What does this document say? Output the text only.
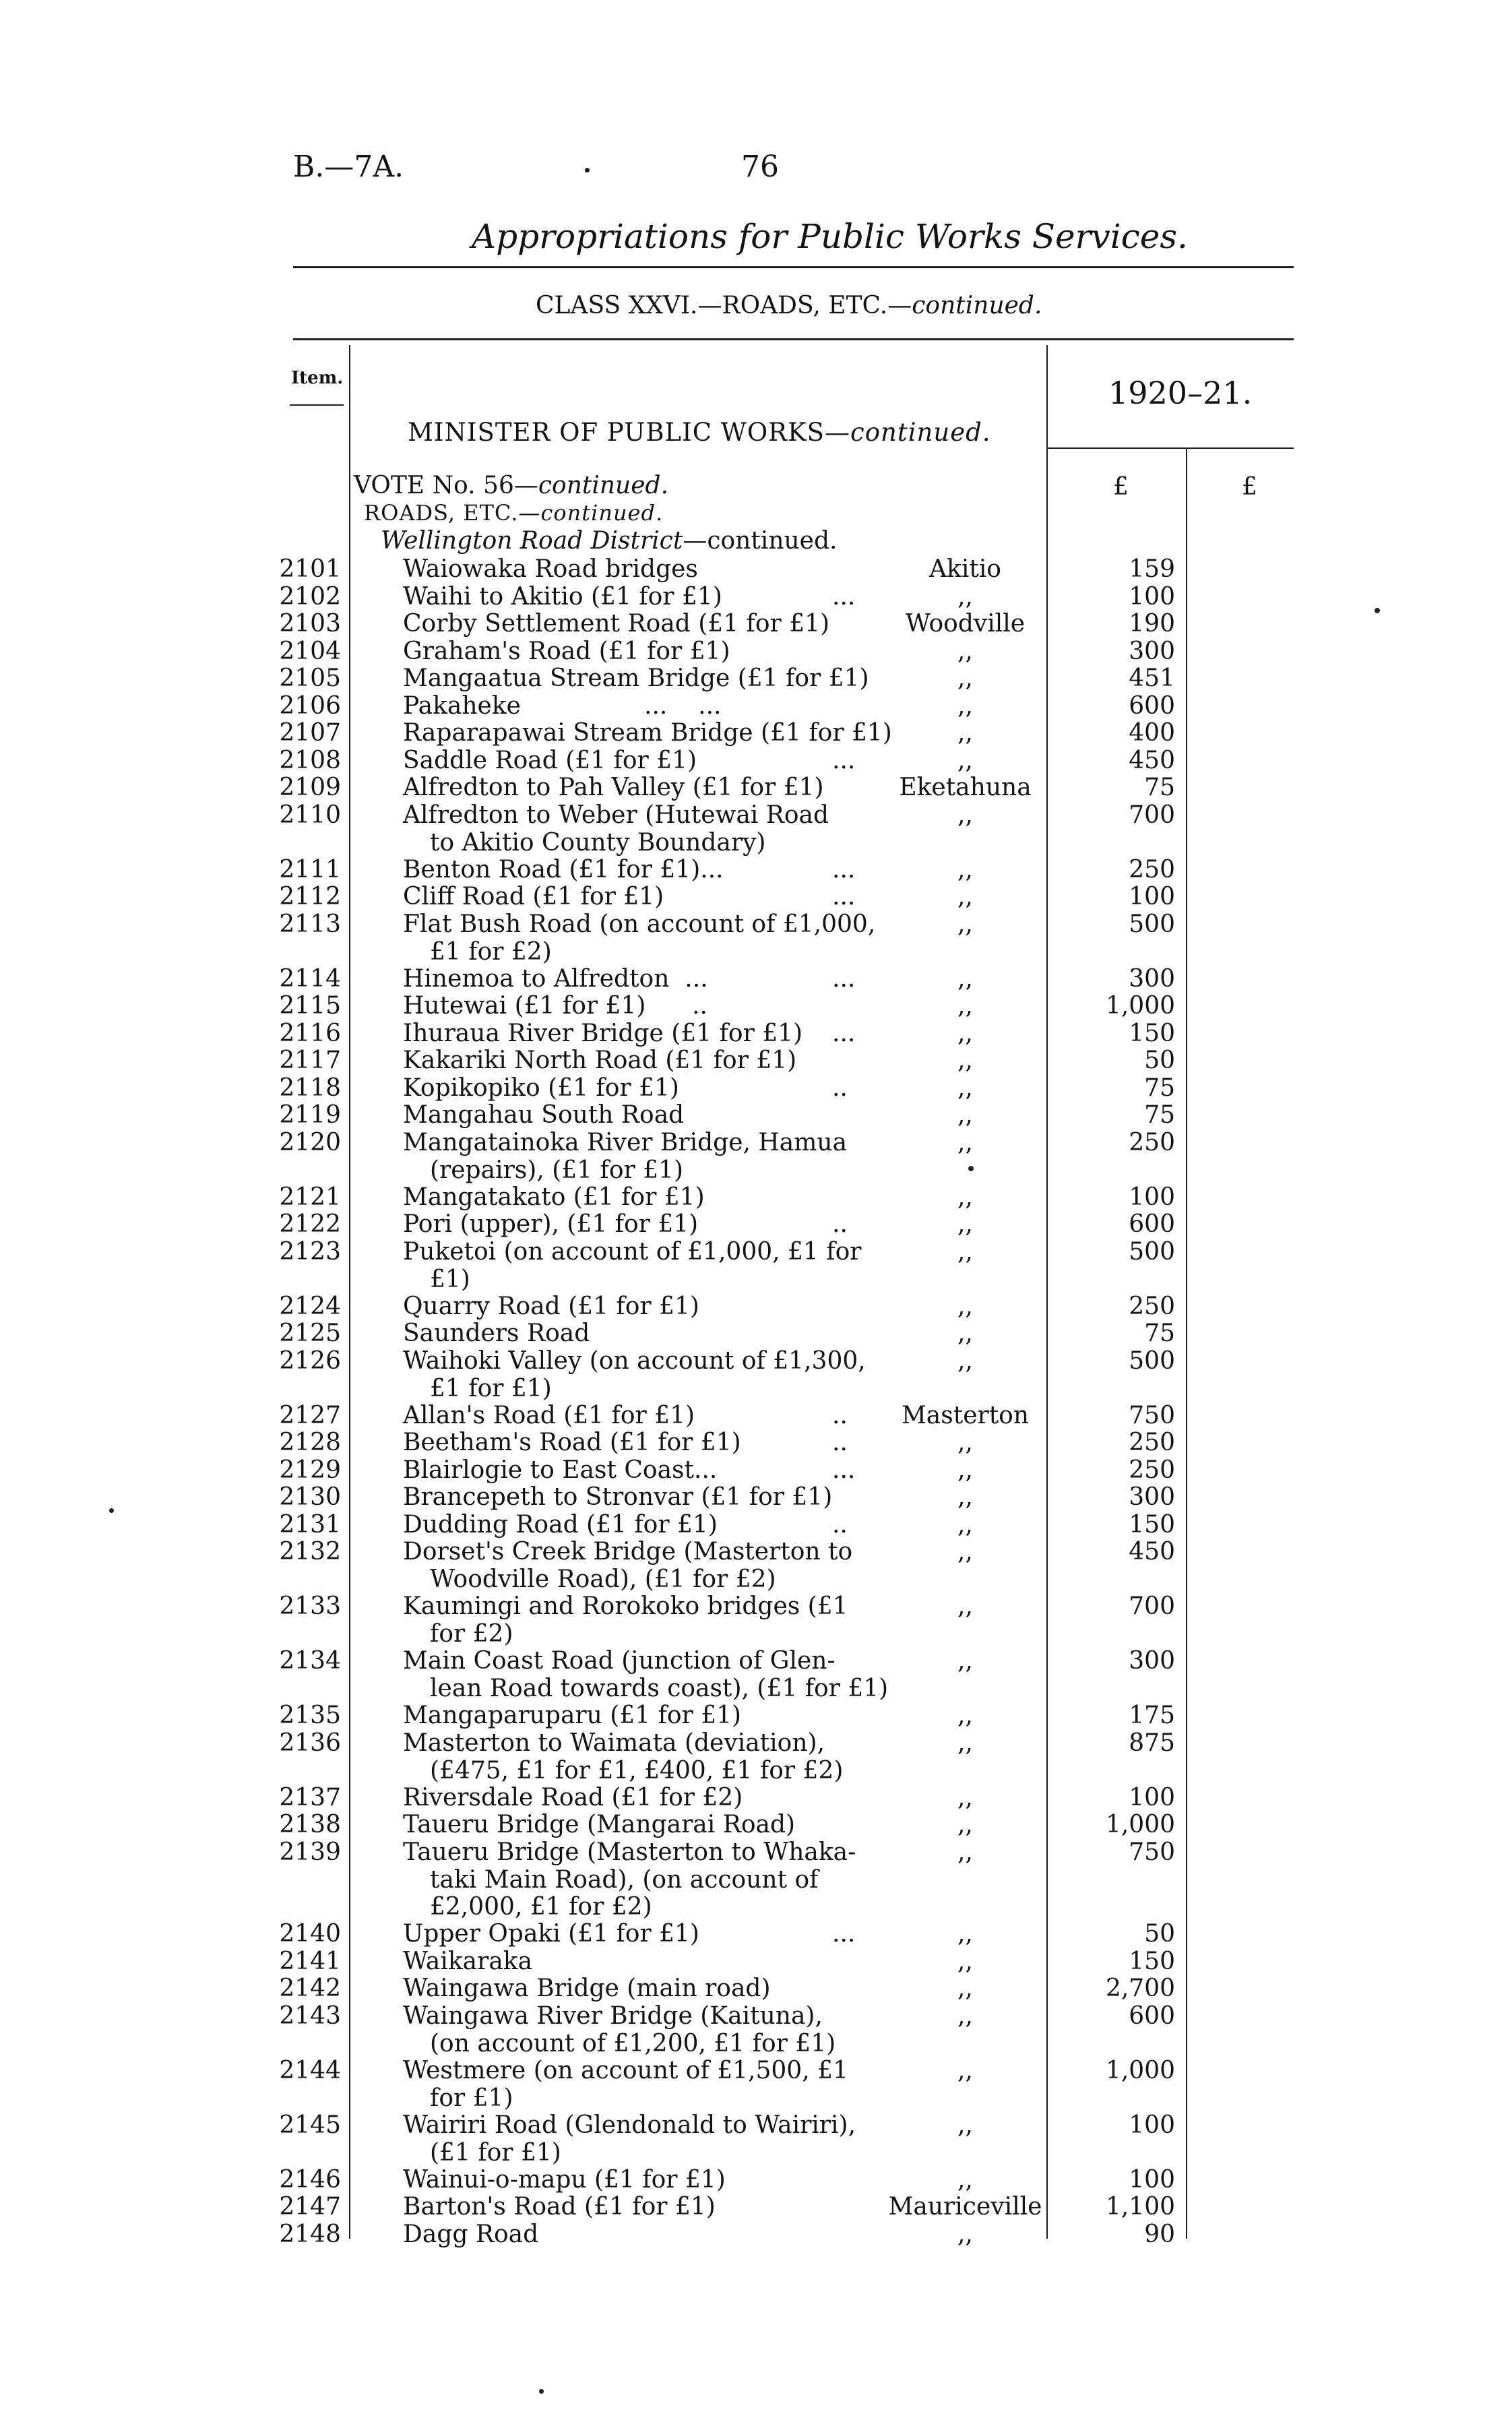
B.—7A.	76
Appropriations for Public Works Services.
CLASS XXVI.—ROADS, ETC.—continued.
Item.	1920–21.
MINISTER OF PUBLIC WORKS—continued.
£	£
VOTE No. 56—continued.
ROADS, ETC.—continued.
Wellington Road District—continued.
2101	Waiowaka Road bridges	Akitio	159
2102	Waihi to Akitio (£1 for £1)	...	,,	100
2103	Corby Settlement Road (£1 for £1)	Woodville	190
2104	Graham's Road (£1 for £1)	,,	300
2105	Mangaatua Stream Bridge (£1 for £1)	,,	451
2106	Pakaheke                ...    ...	,,	600
2107	Raparapawai Stream Bridge (£1 for £1)	,,	400
2108	Saddle Road (£1 for £1)	...	,,	450
2109	Alfredton to Pah Valley (£1 for £1)	Eketahuna	75
2110	Alfredton to Weber (Hutewai Road
to Akitio County Boundary)
,,	700
2111	Benton Road (£1 for £1)...	...	,,	250
2112	Cliff Road (£1 for £1)	...	,,	100
2113	Flat Bush Road (on account of £1,000,
£1 for £2)
,,	500
2114	Hinemoa to Alfredton  ...	...	,,	300
2115	Hutewai (£1 for £1)      ..	,,	1,000
2116	Ihuraua River Bridge (£1 for £1) ...	,,	150
2117	Kakariki North Road (£1 for £1)	,,	50
2118	Kopikopiko (£1 for £1)	..	,,	75
2119	Mangahau South Road	,,	75
2120	Mangatainoka River Bridge, Hamua
(repairs), (£1 for £1)
,,	250
2121	Mangatakato (£1 for £1)	,,	100
2122	Pori (upper), (£1 for £1)	..	,,	600
2123	Puketoi (on account of £1,000, £1 for
£1)
,,	500
2124	Quarry Road (£1 for £1)	,,	250
2125	Saunders Road	,,	75
2126	Waihoki Valley (on account of £1,300,
£1 for £1)
,,	500
2127	Allan's Road (£1 for £1)	..	Masterton	750
2128	Beetham's Road (£1 for £1)	..	,,	250
2129	Blairlogie to East Coast...	...	,,	250
2130	Brancepeth to Stronvar (£1 for £1)	,,	300
2131	Dudding Road (£1 for £1)	..	,,	150
2132	Dorset's Creek Bridge (Masterton to
Woodville Road), (£1 for £2)
,,	450
2133	Kaumingi and Rorokoko bridges (£1
for £2)
,,	700
2134	Main Coast Road (junction of Glen-
lean Road towards coast), (£1 for £1)
,,	300
2135	Mangaparuparu (£1 for £1)	,,	175
2136	Masterton to Waimata (deviation),
(£475, £1 for £1, £400, £1 for £2)
,,	875
2137	Riversdale Road (£1 for £2)	,,	100
2138	Taueru Bridge (Mangarai Road)	,,	1,000
2139	Taueru Bridge (Masterton to Whaka-
taki Main Road), (on account of
£2,000, £1 for £2)
,,	750
2140	Upper Opaki (£1 for £1)	...	,,	50
2141	Waikaraka	,,	150
2142	Waingawa Bridge (main road)	,,	2,700
2143	Waingawa River Bridge (Kaituna),
(on account of £1,200, £1 for £1)
,,	600
2144	Westmere (on account of £1,500, £1
for £1)
,,	1,000
2145	Wairiri Road (Glendonald to Wairiri),
(£1 for £1)
,,	100
2146	Wainui-o-mapu (£1 for £1)	,,	100
2147	Barton's Road (£1 for £1)	Mauriceville	1,100
2148	Dagg Road	,,	90
